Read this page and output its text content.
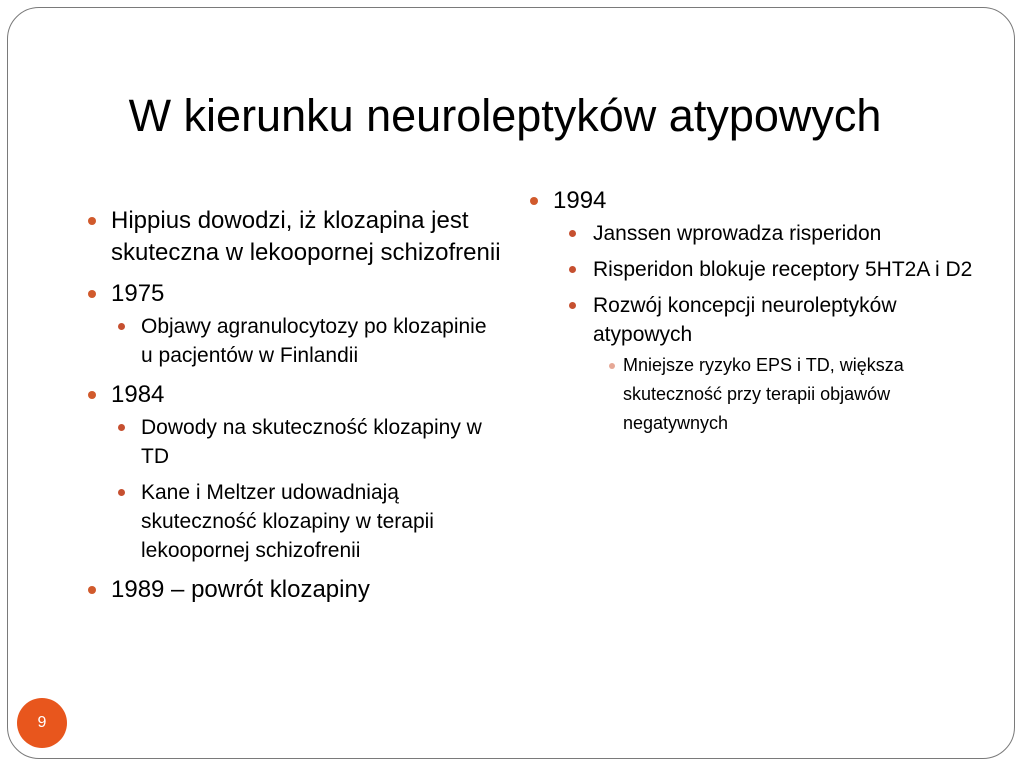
W kierunku neuroleptyków atypowych
Hippius dowodzi, iż klozapina jest skuteczna w lekoopornej schizofrenii
1975
Objawy agranulocytozy po klozapinie u pacjentów w Finlandii
1984
Dowody na skuteczność klozapiny w TD
Kane i Meltzer udowadniają skuteczność klozapiny w terapii lekoopornej schizofrenii
1989 – powrót klozapiny
1994
Janssen wprowadza risperidon
Risperidon blokuje receptory 5HT2A i D2
Rozwój koncepcji neuroleptyków atypowych
Mniejsze ryzyko EPS i TD, większa skuteczność przy terapii objawów negatywnych
9
